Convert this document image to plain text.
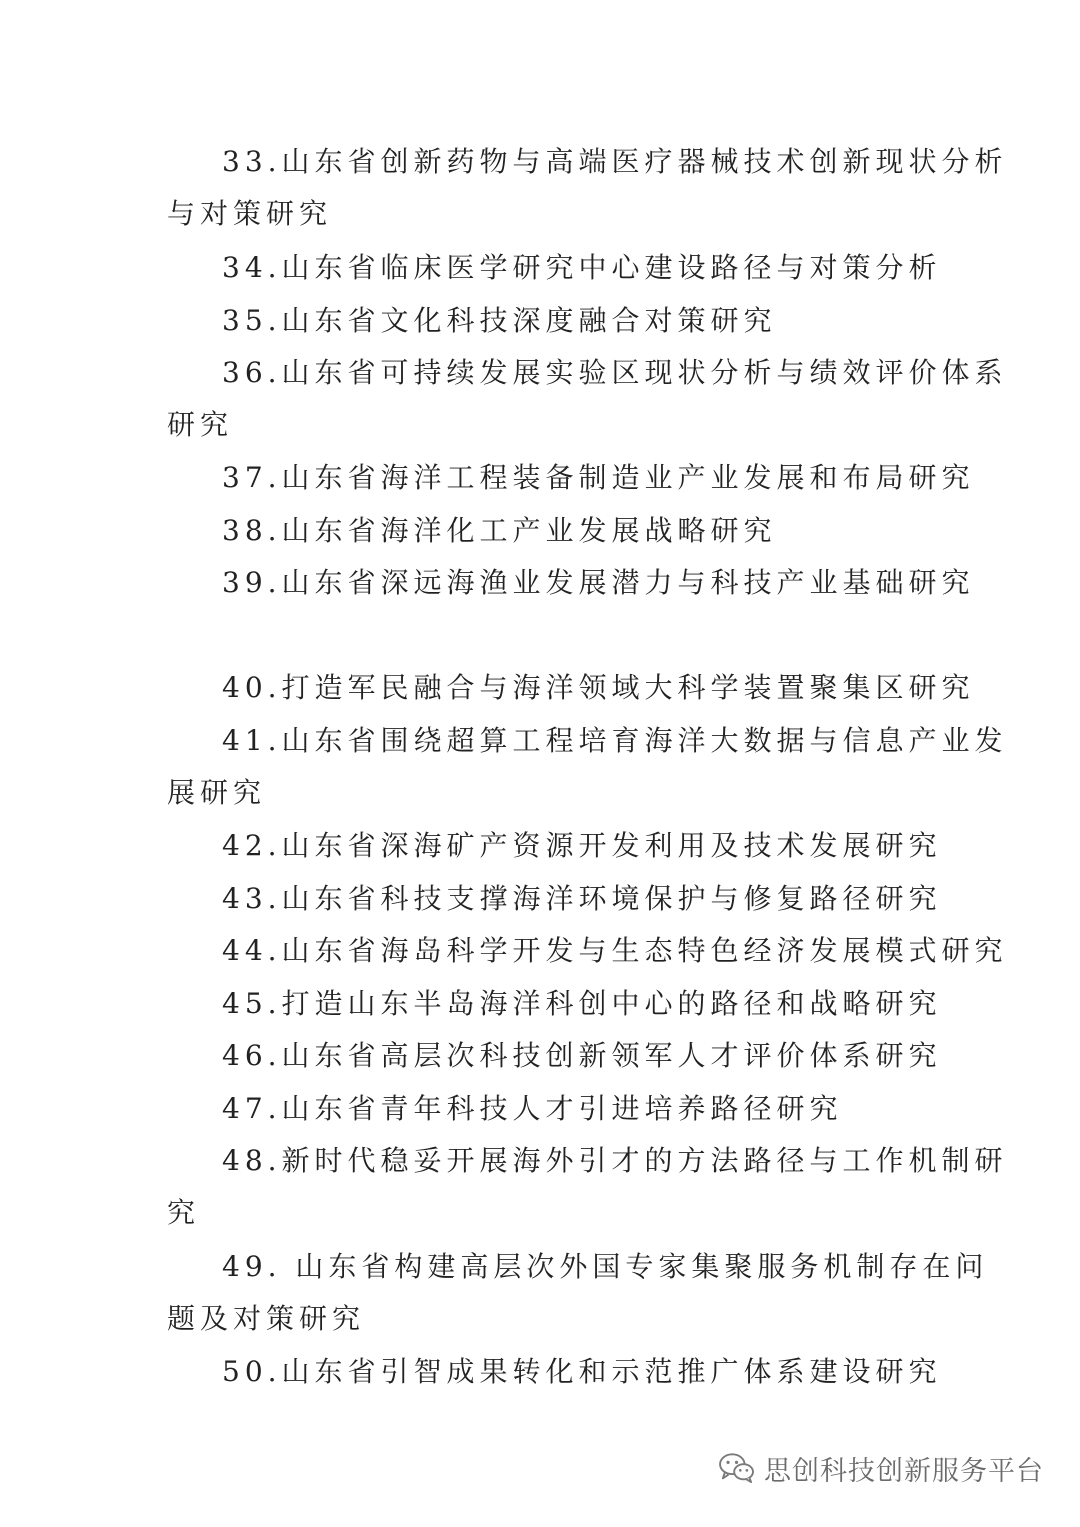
33.山东省创新药物与高端医疗器械技术创新现状分析
与对策研究
34.山东省临床医学研究中心建设路径与对策分析
35.山东省文化科技深度融合对策研究
36.山东省可持续发展实验区现状分析与绩效评价体系
研究
37.山东省海洋工程装备制造业产业发展和布局研究
38.山东省海洋化工产业发展战略研究
39.山东省深远海渔业发展潜力与科技产业基础研究
40.打造军民融合与海洋领域大科学装置聚集区研究
41.山东省围绕超算工程培育海洋大数据与信息产业发
展研究
42.山东省深海矿产资源开发利用及技术发展研究
43.山东省科技支撑海洋环境保护与修复路径研究
44.山东省海岛科学开发与生态特色经济发展模式研究
45.打造山东半岛海洋科创中心的路径和战略研究
46.山东省高层次科技创新领军人才评价体系研究
47.山东省青年科技人才引进培养路径研究
48.新时代稳妥开展海外引才的方法路径与工作机制研
究
49. 山东省构建高层次外国专家集聚服务机制存在问
题及对策研究
50.山东省引智成果转化和示范推广体系建设研究
思创科技创新服务平台
